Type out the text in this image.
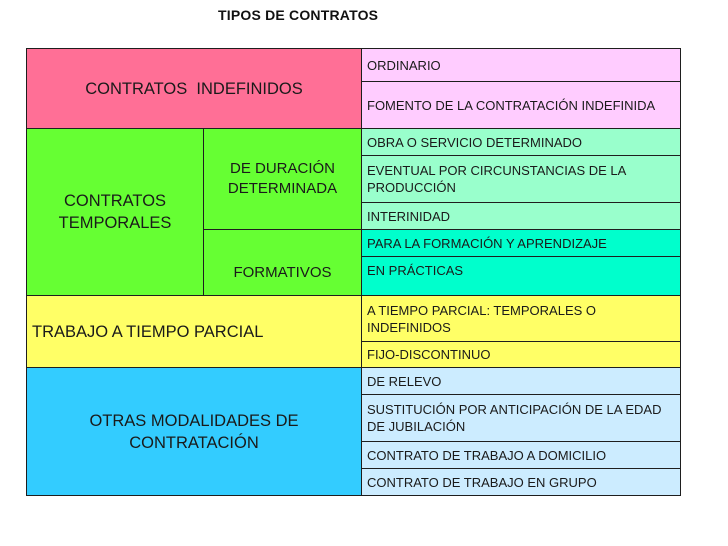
TIPOS DE CONTRATOS
CONTRATOS  INDEFINIDOS
ORDINARIO
FOMENTO DE LA CONTRATACIÓN INDEFINIDA
CONTRATOS TEMPORALES
DE DURACIÓN DETERMINADA
OBRA O SERVICIO DETERMINADO
EVENTUAL POR CIRCUNSTANCIAS DE LA PRODUCCIÓN
INTERINIDAD
FORMATIVOS
PARA LA FORMACIÓN Y APRENDIZAJE
EN PRÁCTICAS
TRABAJO A TIEMPO PARCIAL
A TIEMPO PARCIAL: TEMPORALES O INDEFINIDOS
FIJO-DISCONTINUO
OTRAS MODALIDADES DE CONTRATACIÓN
DE RELEVO
SUSTITUCIÓN POR ANTICIPACIÓN DE LA EDAD DE JUBILACIÓN
CONTRATO DE TRABAJO A DOMICILIO
CONTRATO DE TRABAJO EN GRUPO
